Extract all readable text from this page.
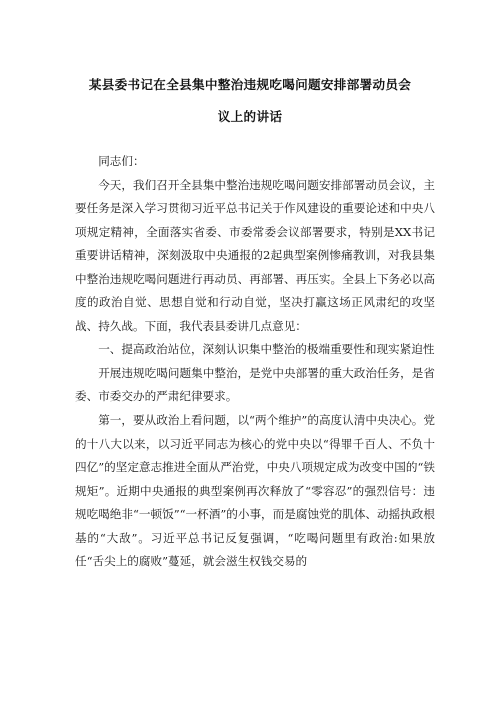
某县委书记在全县集中整治违规吃喝问题安排部署动员会
议上的讲话

同志们：

今天，我们召开全县集中整治违规吃喝问题安排部署动员会议，主要任务是深入学习贯彻习近平总书记关于作风建设的重要论述和中央八项规定精神，全面落实省委、市委常委会议部署要求，特别是XX书记重要讲话精神，深刻汲取中央通报的2起典型案例惨痛教训，对我县集中整治违规吃喝问题进行再动员、再部署、再压实。全县上下务必以高度的政治自觉、思想自觉和行动自觉，坚决打赢这场正风肃纪的攻坚战、持久战。下面，我代表县委讲几点意见：

一、提高政治站位，深刻认识集中整治的极端重要性和现实紧迫性

开展违规吃喝问题集中整治，是党中央部署的重大政治任务，是省委、市委交办的严肃纪律要求。

第一，要从政治上看问题，以“两个维护”的高度认清中央决心。党的十八大以来，以习近平同志为核心的党中央以“得罪千百人、不负十四亿”的坚定意志推进全面从严治党，中央八项规定成为改变中国的“铁规矩”。近期中央通报的典型案例再次释放了“零容忍”的强烈信号：违规吃喝绝非“一顿饭”“一杯酒”的小事，而是腐蚀党的肌体、动摇执政根基的“大敌”。习近平总书记反复强调，“吃喝问题里有政治:如果放任“舌尖上的腐败”蔓延，就会滋生权钱交易的
